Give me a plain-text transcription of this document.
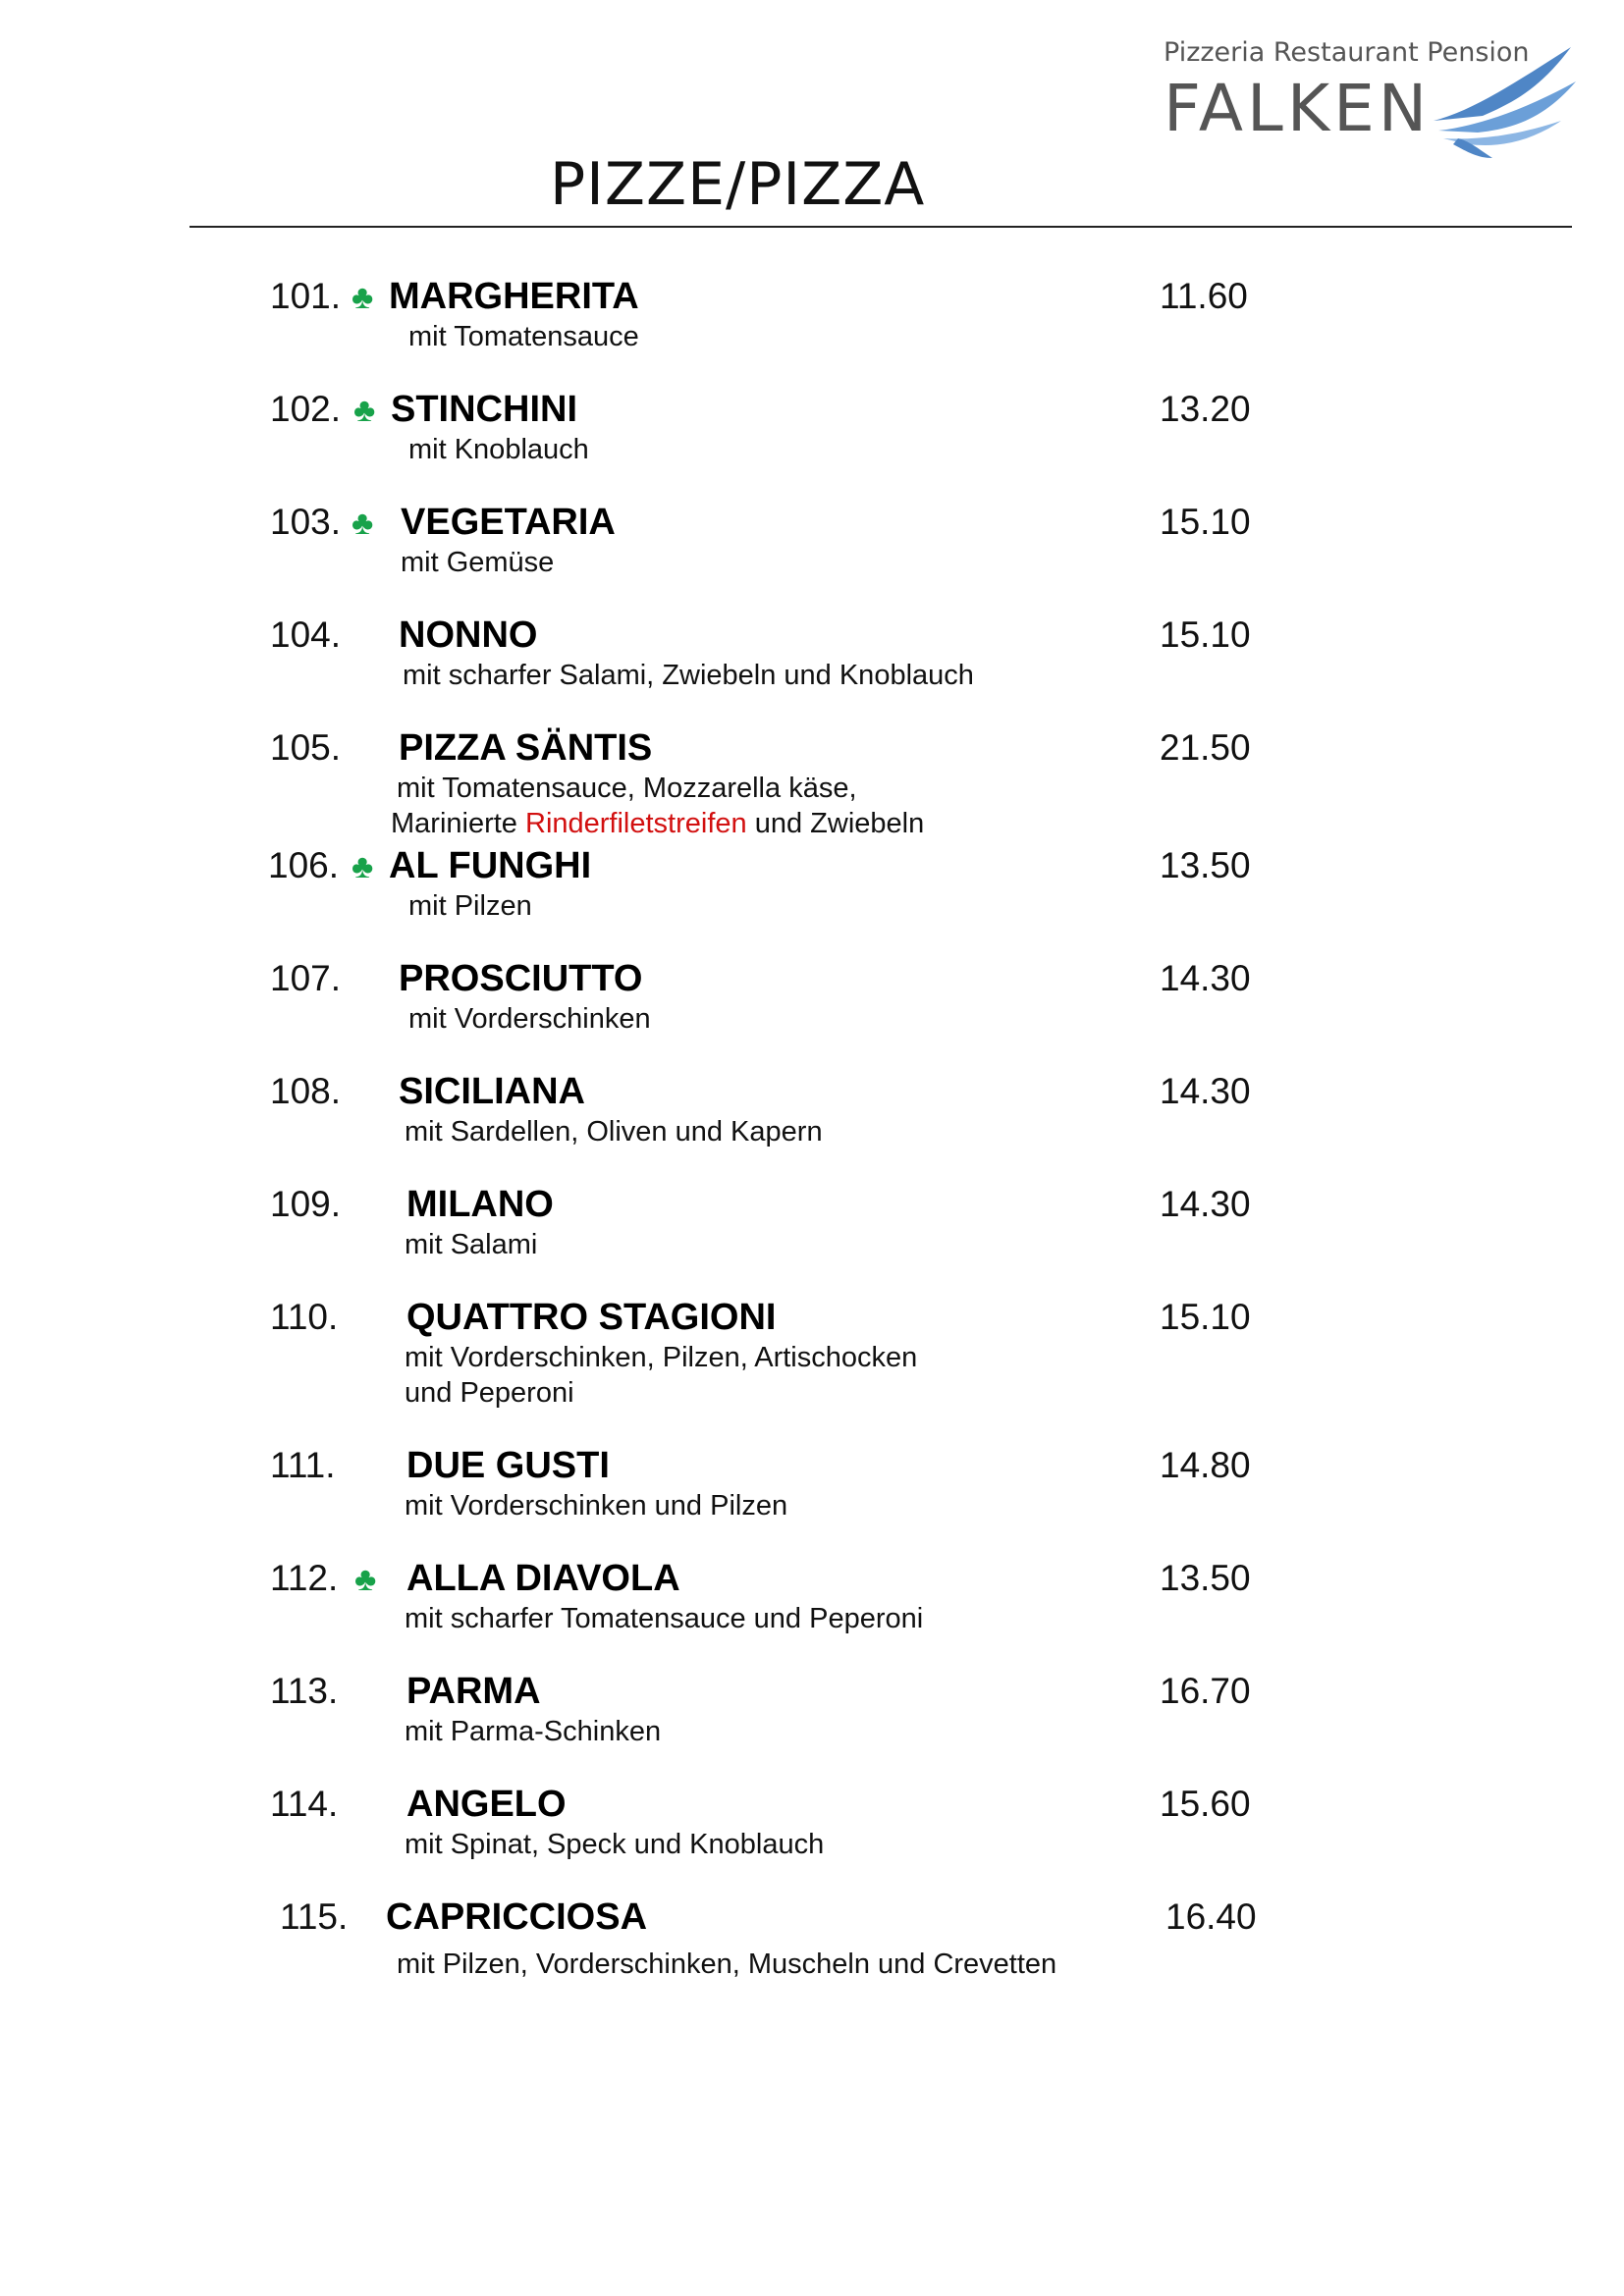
Pizzeria Restaurant Pension
FALKEN
PIZZE/PIZZA
101. ♣ MARGHERITA	11.60
mit Tomatensauce
102. ♣ STINCHINI	13.20
mit Knoblauch
103. ♣ VEGETARIA	15.10
mit Gemüse
104. NONNO	15.10
mit scharfer Salami, Zwiebeln und Knoblauch
105. PIZZA SÄNTIS	21.50
mit Tomatensauce, Mozzarella käse,
Marinierte Rinderfiletstreifen und Zwiebeln
106. ♣ AL FUNGHI	13.50
mit Pilzen
107. PROSCIUTTO	14.30
mit Vorderschinken
108. SICILIANA	14.30
mit Sardellen, Oliven und Kapern
109. MILANO	14.30
mit Salami
110. QUATTRO STAGIONI	15.10
mit Vorderschinken, Pilzen, Artischocken
und Peperoni
111. DUE GUSTI	14.80
mit Vorderschinken und Pilzen
112. ♣ ALLA DIAVOLA	13.50
mit scharfer Tomatensauce und Peperoni
113. PARMA	16.70
mit Parma-Schinken
114. ANGELO	15.60
mit Spinat, Speck und Knoblauch
115. CAPRICCIOSA	16.40
mit Pilzen, Vorderschinken, Muscheln und Crevetten
